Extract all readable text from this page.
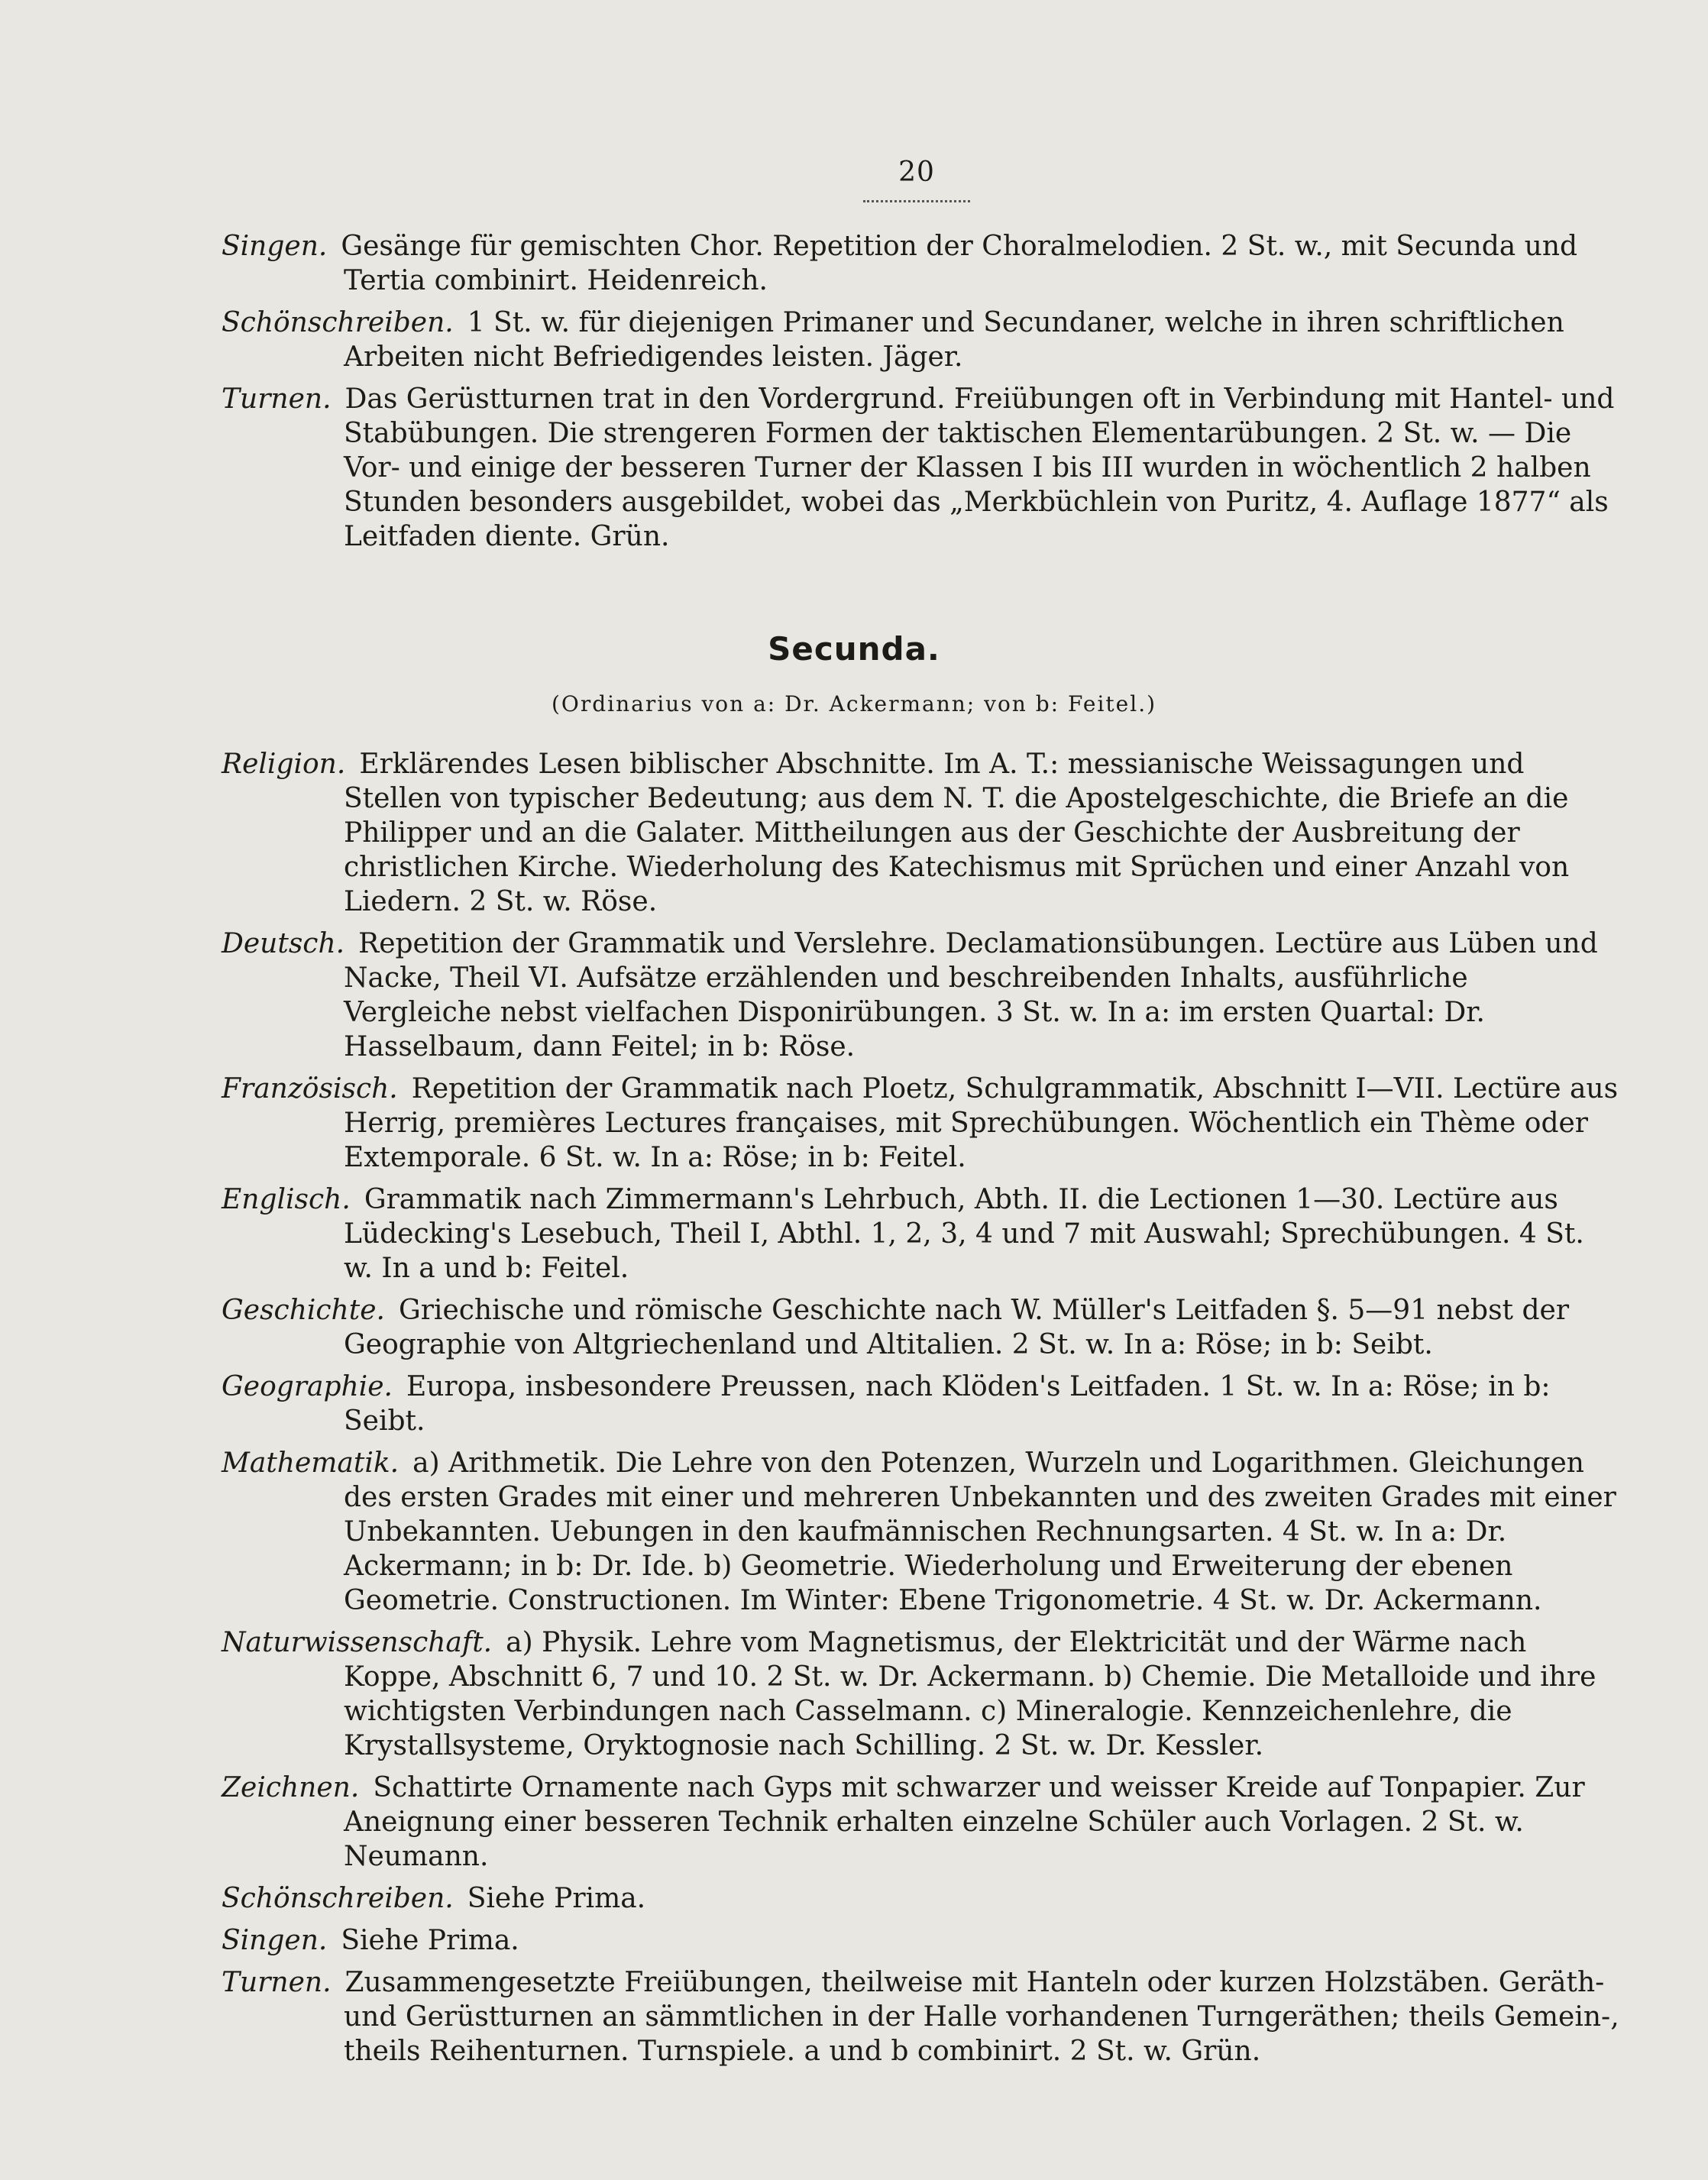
20

Singen. Gesänge für gemischten Chor. Repetition der Choralmelodien. 2 St. w., mit Secunda und Tertia combinirt. Heidenreich.

Schönschreiben. 1 St. w. für diejenigen Primaner und Secundaner, welche in ihren schriftlichen Arbeiten nicht Befriedigendes leisten. Jäger.

Turnen. Das Gerüstturnen trat in den Vordergrund. Freiübungen oft in Verbindung mit Hantel- und Stabübungen. Die strengeren Formen der taktischen Elementarübungen. 2 St. w. — Die Vor- und einige der besseren Turner der Klassen I bis III wurden in wöchentlich 2 halben Stunden besonders ausgebildet, wobei das „Merkbüchlein von Puritz, 4. Auflage 1877“ als Leitfaden diente. Grün.

Secunda.
(Ordinarius von a: Dr. Ackermann; von b: Feitel.)

Religion. Erklärendes Lesen biblischer Abschnitte. Im A. T.: messianische Weissagungen und Stellen von typischer Bedeutung; aus dem N. T. die Apostelgeschichte, die Briefe an die Philipper und an die Galater. Mittheilungen aus der Geschichte der Ausbreitung der christlichen Kirche. Wiederholung des Katechismus mit Sprüchen und einer Anzahl von Liedern. 2 St. w. Röse.

Deutsch. Repetition der Grammatik und Verslehre. Declamationsübungen. Lectüre aus Lüben und Nacke, Theil VI. Aufsätze erzählenden und beschreibenden Inhalts, ausführliche Vergleiche nebst vielfachen Disponirübungen. 3 St. w. In a: im ersten Quartal: Dr. Hasselbaum, dann Feitel; in b: Röse.

Französisch. Repetition der Grammatik nach Ploetz, Schulgrammatik, Abschnitt I—VII. Lectüre aus Herrig, premières Lectures françaises, mit Sprechübungen. Wöchentlich ein Thème oder Extemporale. 6 St. w. In a: Röse; in b: Feitel.

Englisch. Grammatik nach Zimmermann's Lehrbuch, Abth. II. die Lectionen 1—30. Lectüre aus Lüdecking's Lesebuch, Theil I, Abthl. 1, 2, 3, 4 und 7 mit Auswahl; Sprechübungen. 4 St. w. In a und b: Feitel.

Geschichte. Griechische und römische Geschichte nach W. Müller's Leitfaden §. 5—91 nebst der Geographie von Altgriechenland und Altitalien. 2 St. w. In a: Röse; in b: Seibt.

Geographie. Europa, insbesondere Preussen, nach Klöden's Leitfaden. 1 St. w. In a: Röse; in b: Seibt.

Mathematik. a) Arithmetik. Die Lehre von den Potenzen, Wurzeln und Logarithmen. Gleichungen des ersten Grades mit einer und mehreren Unbekannten und des zweiten Grades mit einer Unbekannten. Uebungen in den kaufmännischen Rechnungsarten. 4 St. w. In a: Dr. Ackermann; in b: Dr. Ide. b) Geometrie. Wiederholung und Erweiterung der ebenen Geometrie. Constructionen. Im Winter: Ebene Trigonometrie. 4 St. w. Dr. Ackermann.

Naturwissenschaft. a) Physik. Lehre vom Magnetismus, der Elektricität und der Wärme nach Koppe, Abschnitt 6, 7 und 10. 2 St. w. Dr. Ackermann. b) Chemie. Die Metalloide und ihre wichtigsten Verbindungen nach Casselmann. c) Mineralogie. Kennzeichenlehre, die Krystallsysteme, Oryktognosie nach Schilling. 2 St. w. Dr. Kessler.

Zeichnen. Schattirte Ornamente nach Gyps mit schwarzer und weisser Kreide auf Tonpapier. Zur Aneignung einer besseren Technik erhalten einzelne Schüler auch Vorlagen. 2 St. w. Neumann.

Schönschreiben. Siehe Prima.

Singen. Siehe Prima.

Turnen. Zusammengesetzte Freiübungen, theilweise mit Hanteln oder kurzen Holzstäben. Geräth- und Gerüstturnen an sämmtlichen in der Halle vorhandenen Turngeräthen; theils Gemein-, theils Reihenturnen. Turnspiele. a und b combinirt. 2 St. w. Grün.
